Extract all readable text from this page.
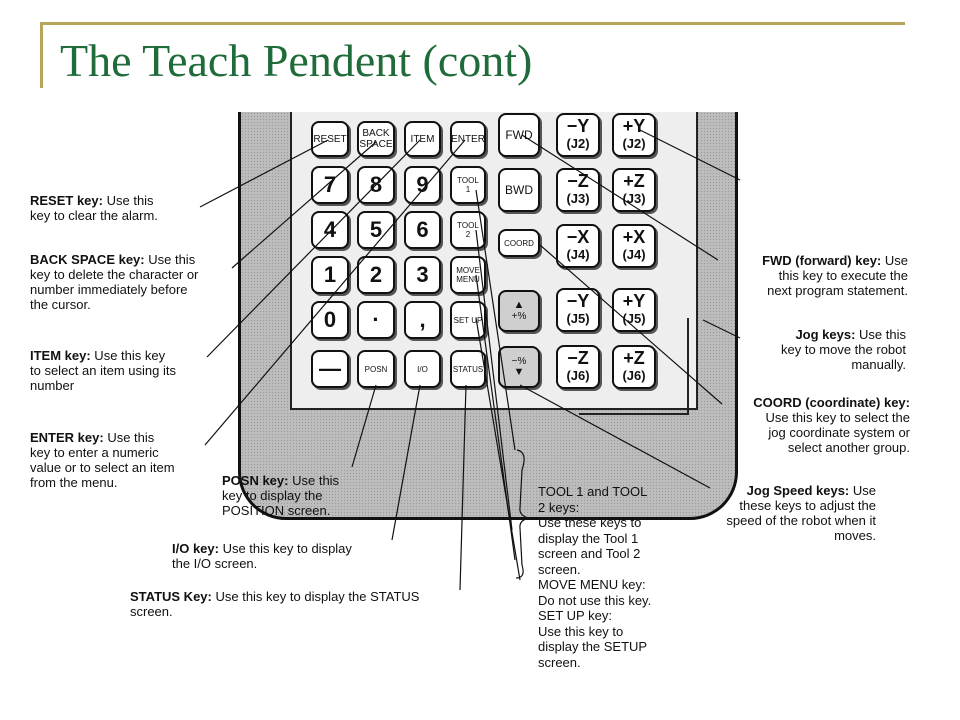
The Teach Pendent (cont)
RESET BACK
SPACE ITEM ENTER
7 8 9	TOOL
1
4 5 6	TOOL
2
1 2 3	MOVE
MENU
0 · ,	SET UP
—	POSN	I/O	STATUS
FWD
BWD
COORD
▲
+%
−%
▼
−Y
(J2)
+Y
(J2)
−Z
(J3)
+Z
(J3)
−X
(J4)
+X
(J4)
−Y
(J5)
+Y
(J5)
−Z
(J6)
+Z
(J6)
RESET key: Use this
key to clear the alarm.
BACK SPACE key: Use this
key to delete the character or
number immediately before
the cursor.
ITEM key: Use this key
to select an item using its
number
ENTER key: Use this
key to enter a numeric
value or to select an item
from the menu.	POSN key: Use this
key to display the
POSITION screen.
I/O key: Use this key to display
the I/O screen.
STATUS Key: Use this key to display the STATUS
screen.
FWD (forward) key: Use
this key to execute the
next program statement.
Jog keys: Use this
key to move the robot
manually.
COORD (coordinate) key:
Use this key to select the
jog coordinate system or
select another group.
Jog Speed keys: Use
these keys to adjust the
speed of the robot when it
moves.
TOOL 1 and TOOL
2 keys:
Use these keys to
display the Tool 1
screen and Tool 2
screen.
MOVE MENU key:
Do not use this key.
SET UP key:
Use this key to
display the SETUP
screen.
